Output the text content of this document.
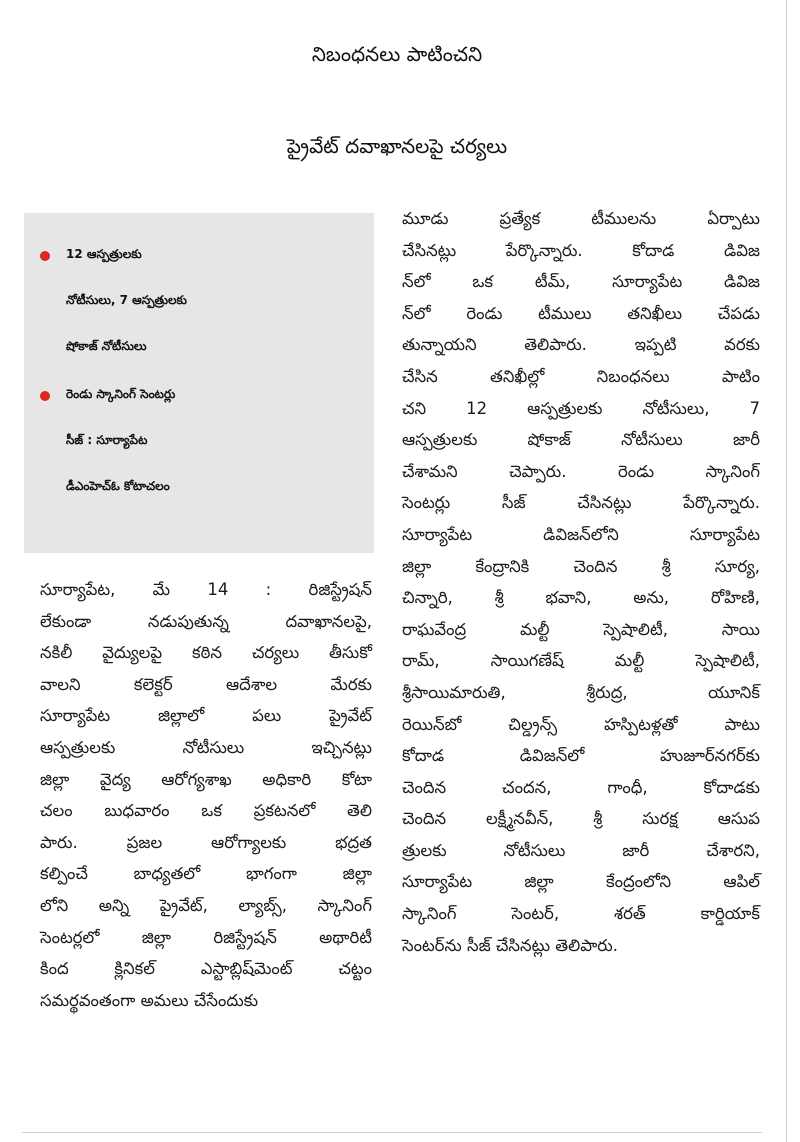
నిబంధనలు పాటించని
ప్రైవేట్ దవాఖానలపై చర్యలు
12 ఆస్పత్రులకు
నోటీసులు, 7 ఆస్పత్రులకు
షోకాజ్ నోటీసులు
రెండు స్కానింగ్ సెంటర్లు
సీజ్ : సూర్యాపేట
డీఎంహెచ్ఓ కోటాచలం
సూర్యాపేట, మే 14 : రిజిస్ట్రేషన్
లేకుండా నడుపుతున్న దవాఖానలపై,
నకిలీ వైద్యులపై కఠిన చర్యలు తీసుకో
వాలని కలెక్టర్ ఆదేశాల మేరకు
సూర్యాపేట జిల్లాలో పలు ప్రైవేట్
ఆస్పత్రులకు నోటీసులు ఇచ్చినట్లు
జిల్లా వైద్య ఆరోగ్యశాఖ అధికారి కోటా
చలం బుధవారం ఒక ప్రకటనలో తెలి
పారు. ప్రజల ఆరోగ్యాలకు భద్రత
కల్పించే బాధ్యతలో భాగంగా జిల్లా
లోని అన్ని ప్రైవేట్, ల్యాబ్స్, స్కానింగ్
సెంటర్లలో జిల్లా రిజిస్ట్రేషన్ అథారిటీ
కింద క్లినికల్ ఎస్టాబ్లిష్‌మెంట్ చట్టం
సమర్థవంతంగా అమలు చేసేందుకు
మూడు ప్రత్యేక టీములను ఏర్పాటు
చేసినట్లు పేర్కొన్నారు. కోదాడ డివిజ
న్‌లో ఒక టీమ్, సూర్యాపేట డివిజ
న్‌లో రెండు టీములు తనిఖీలు చేపడు
తున్నాయని తెలిపారు. ఇప్పటి వరకు
చేసిన తనిఖీల్లో నిబంధనలు పాటిం
చని 12 ఆస్పత్రులకు నోటీసులు, 7
ఆస్పత్రులకు షోకాజ్ నోటీసులు జారీ
చేశామని చెప్పారు. రెండు స్కానింగ్
సెంటర్లు సీజ్ చేసినట్లు పేర్కొన్నారు.
సూర్యాపేట డివిజన్‌లోని సూర్యాపేట
జిల్లా కేంద్రానికి చెందిన శ్రీ సూర్య,
చిన్నారి, శ్రీ భవాని, అను, రోహిణి,
రాఘవేంద్ర మల్టీ స్పెషాలిటీ, సాయి
రామ్, సాయిగణేష్ మల్టీ స్పెషాలిటీ,
శ్రీసాయిమారుతి, శ్రీరుద్ర, యూనిక్
రెయిన్‌బో చిల్డ్రన్స్ హస్పిటళ్లతో పాటు
కోదాడ డివిజన్‌లో హుజూర్‌నగర్‌కు
చెందిన చందన, గాంధీ, కోదాడకు
చెందిన లక్ష్మీనవీన్, శ్రీ సురక్ష ఆసుప
త్రులకు నోటీసులు జారీ చేశారని,
సూర్యాపేట జిల్లా కేంద్రంలోని ఆపిల్
స్కానింగ్ సెంటర్, శరత్ కార్డియాక్
సెంటర్‌ను సీజ్ చేసినట్లు తెలిపారు.
